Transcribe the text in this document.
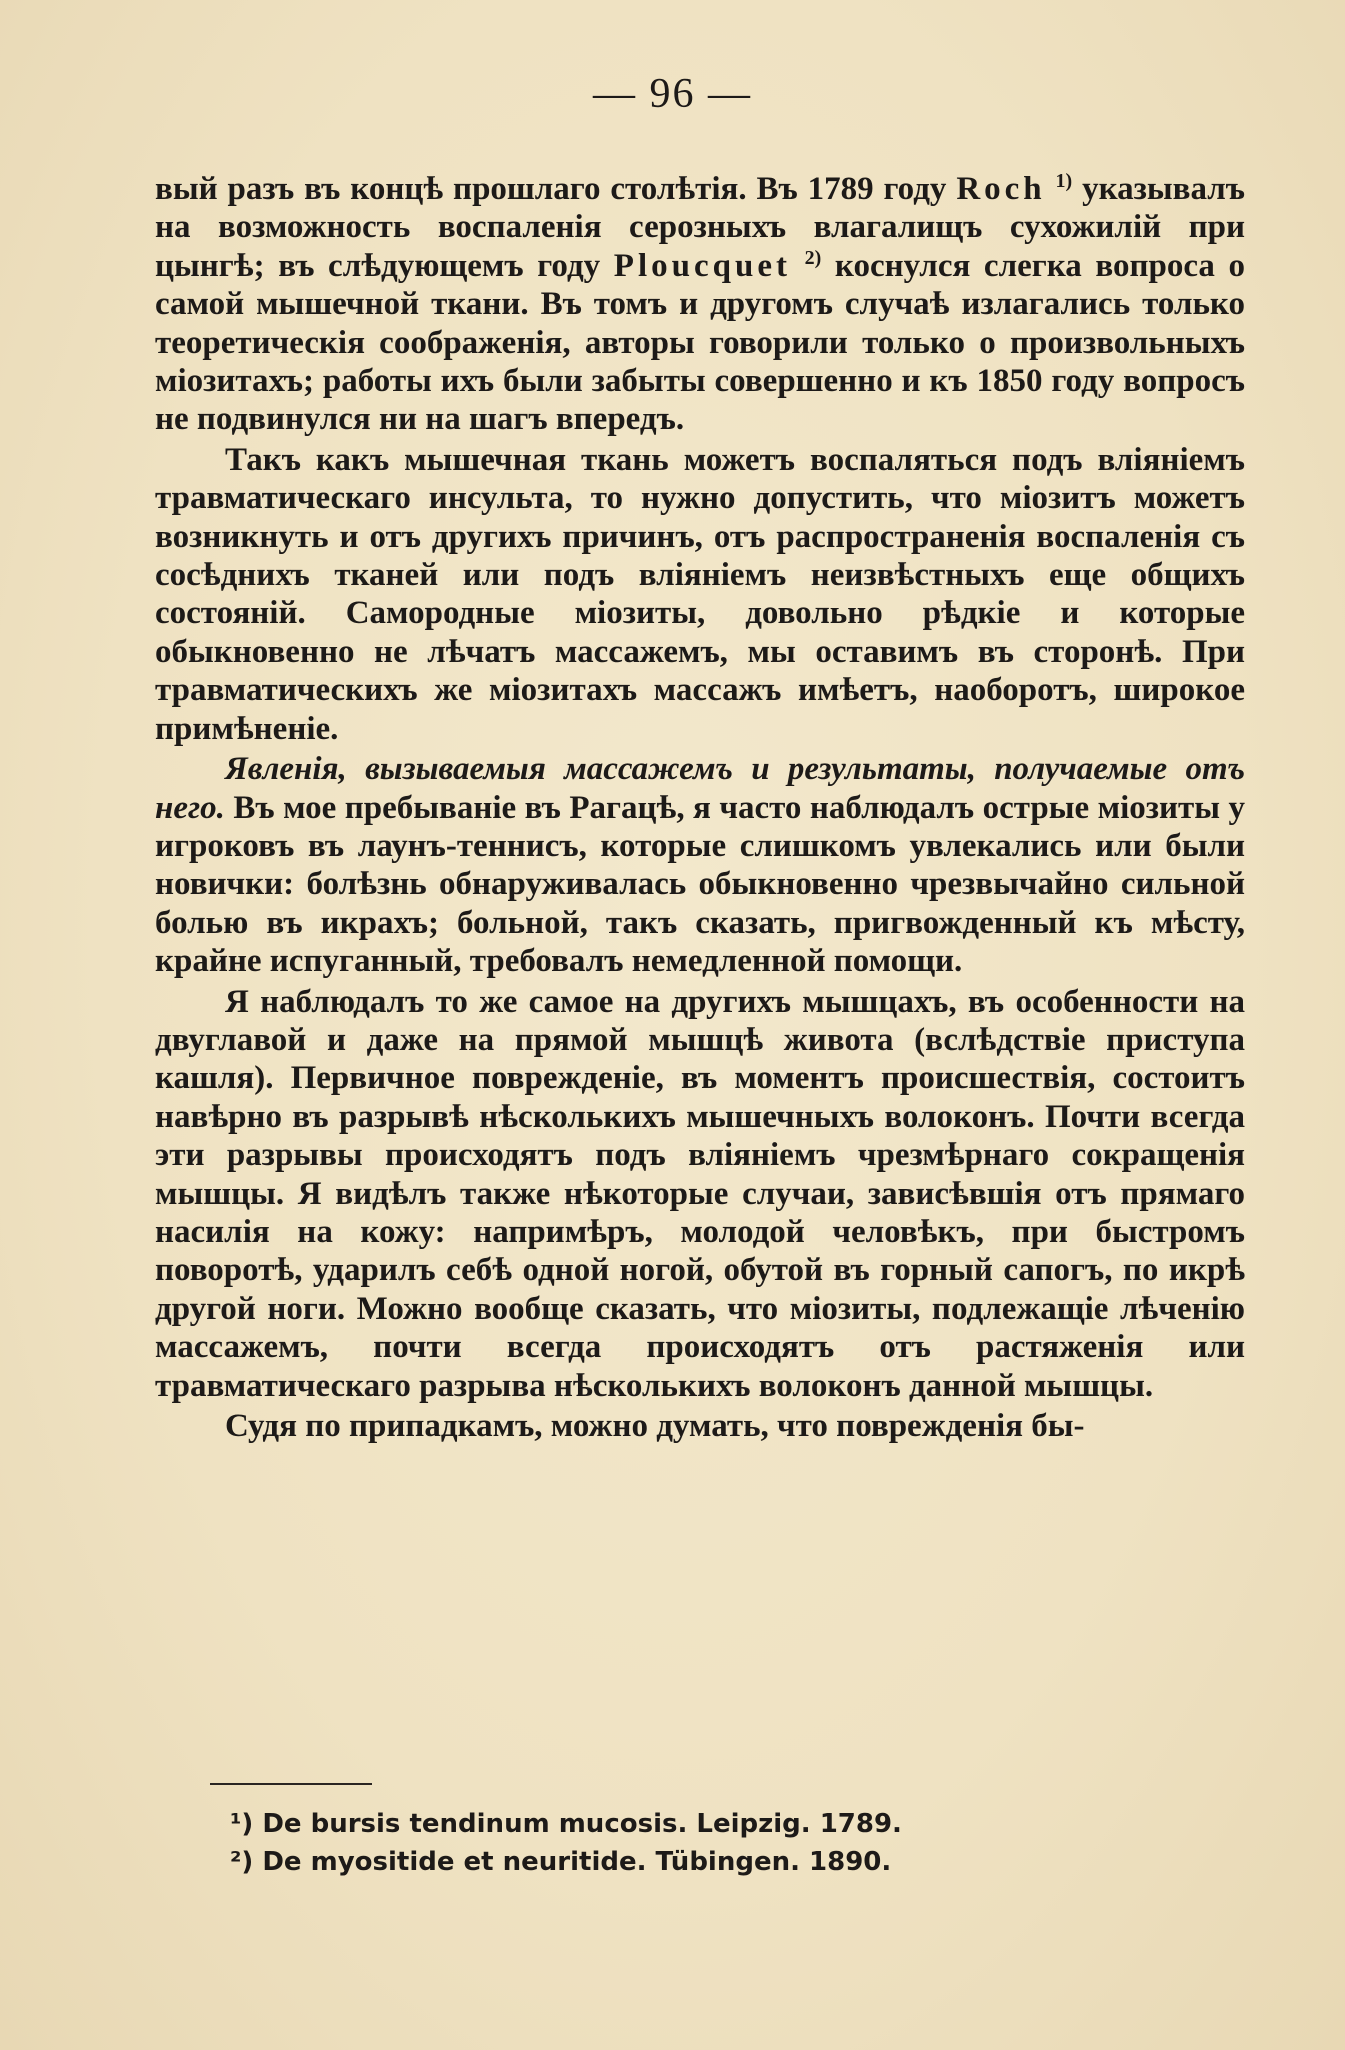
— 96 —

вый разъ въ концѣ прошлаго столѣтія. Въ 1789 году Roch $^{1)}$ указывалъ на возможность воспаленія серозныхъ влагалищъ сухожилій при цынгѣ; въ слѣдующемъ году Ploucquet $^{2)}$ коснулся слегка вопроса о самой мышечной ткани. Въ томъ и другомъ случаѣ излагались только теоретическія соображенія, авторы говорили только о произвольныхъ міозитахъ; работы ихъ были забыты совершенно и къ 1850 году вопросъ не подвинулся ни на шагъ впередъ.

Такъ какъ мышечная ткань можетъ воспаляться подъ вліяніемъ травматическаго инсульта, то нужно допустить, что міозитъ можетъ возникнуть и отъ другихъ причинъ, отъ распространенія воспаленія съ сосѣднихъ тканей или подъ вліяніемъ неизвѣстныхъ еще общихъ состояній. Самородные міозиты, довольно рѣдкіе и которые обыкновенно не лѣчатъ массажемъ, мы оставимъ въ сторонѣ. При травматическихъ же міозитахъ массажъ имѣетъ, наоборотъ, широкое примѣненіе.

Явленія, вызываемыя массажемъ и результаты, получаемые отъ него. Въ мое пребываніе въ Рагацѣ, я часто наблюдалъ острые міозиты у игроковъ въ лаунъ-теннисъ, которые слишкомъ увлекались или были новички: болѣзнь обнаруживалась обыкновенно чрезвычайно сильной болью въ икрахъ; больной, такъ сказать, пригвожденный къ мѣсту, крайне испуганный, требовалъ немедленной помощи.

Я наблюдалъ то же самое на другихъ мышцахъ, въ особенности на двуглавой и даже на прямой мышцѣ живота (вслѣдствіе приступа кашля). Первичное поврежденіе, въ моментъ происшествія, состоитъ навѣрно въ разрывѣ нѣсколькихъ мышечныхъ волоконъ. Почти всегда эти разрывы происходятъ подъ вліяніемъ чрезмѣрнаго сокращенія мышцы. Я видѣлъ также нѣкоторые случаи, зависѣвшія отъ прямаго насилія на кожу: напримѣръ, молодой человѣкъ, при быстромъ поворотѣ, ударилъ себѣ одной ногой, обутой въ горный сапогъ, по икрѣ другой ноги. Можно вообще сказать, что міозиты, подлежащіе лѣченію массажемъ, почти всегда происходятъ отъ растяженія или травматическаго разрыва нѣсколькихъ волоконъ данной мышцы.

Судя по припадкамъ, можно думать, что поврежденія бы-

¹) De bursis tendinum mucosis. Leipzig. 1789.
²) De myositide et neuritide. Tübingen. 1890.
